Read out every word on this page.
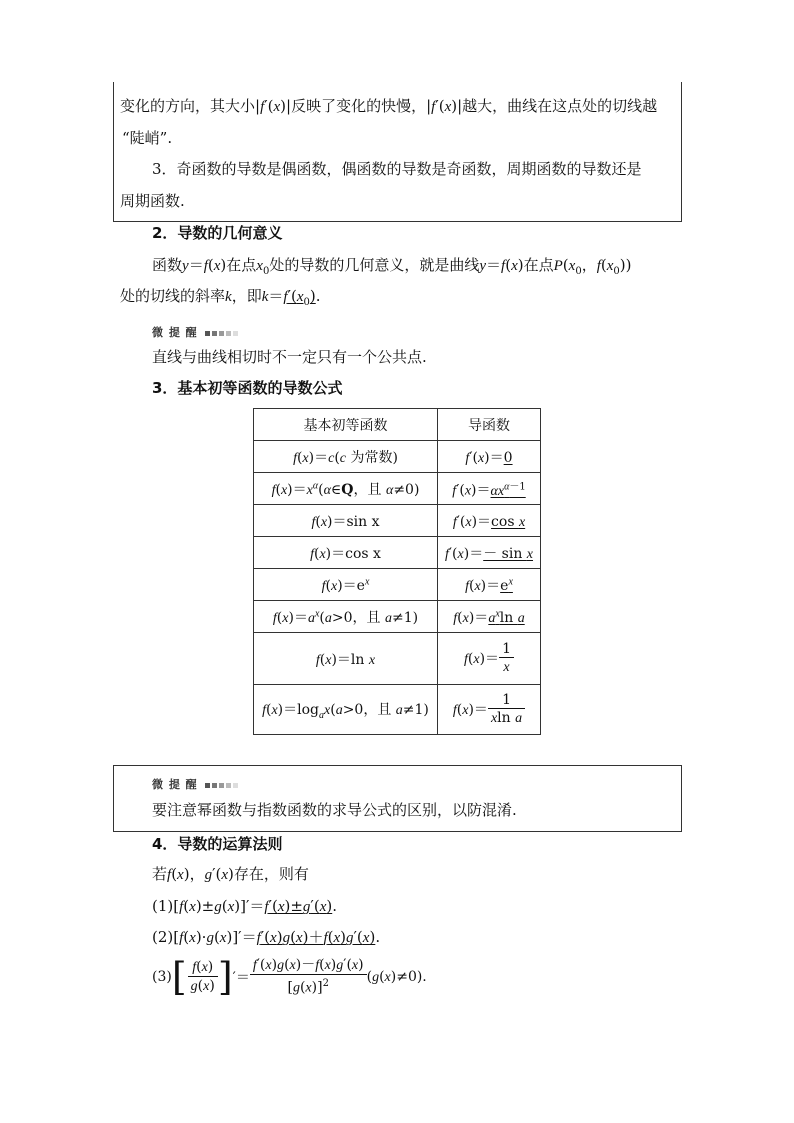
变化的方向，其大小|f′(x)|反映了变化的快慢，|f′(x)|越大，曲线在这点处的切线越
“陡峭”.
3．奇函数的导数是偶函数，偶函数的导数是奇函数，周期函数的导数还是
周期函数.
2．导数的几何意义
函数y＝f(x)在点$x_0$处的导数的几何意义，就是曲线y＝f(x)在点$P(x_0$，$f(x_0)$)
处的切线的斜率k，即$k=f'(x_0)$.
微 提 醒
直线与曲线相切时不一定只有一个公共点.
3．基本初等函数的导数公式
基本初等函数	导函数
f(x)＝c(c 为常数)	f′(x)＝0
$f(x)=x^\alpha(\alpha\in Q$，且 α≠0)	$f'(x)=\alpha x^{\alpha-1}$
f(x)＝sin x	f′(x)＝cos x
f(x)＝cos x	f′(x)＝－ sin x
$f(x)=e^x$	$f(x)=e^x$
$f(x)=a^x(a>0$，且 a≠1)	$f(x)=a^x\ln$ a
f(x)＝ln x	$f(x)= \frac{1}{x}$

$f(x)=\log_ax(a>0$，且 a≠1)	$f(x)= \frac{1}{\text{xln a}}$
微 提 醒
要注意幂函数与指数函数的求导公式的区别，以防混淆.
4．导数的运算法则
若f(x)，g′(x)存在，则有
(1)[f(x)±g(x)]′＝f′(x)±g′(x).
(2)[f(x)·g(x)]′＝f′(x)g(x)＋f(x)g′(x).
$(3)[ \frac{f(x)}{g(x)}$ ]′＝ $\frac{f'(x)g(x)-f(x)g'(x)}{[g(x)]^2} (g(x)\ne 0)$.
